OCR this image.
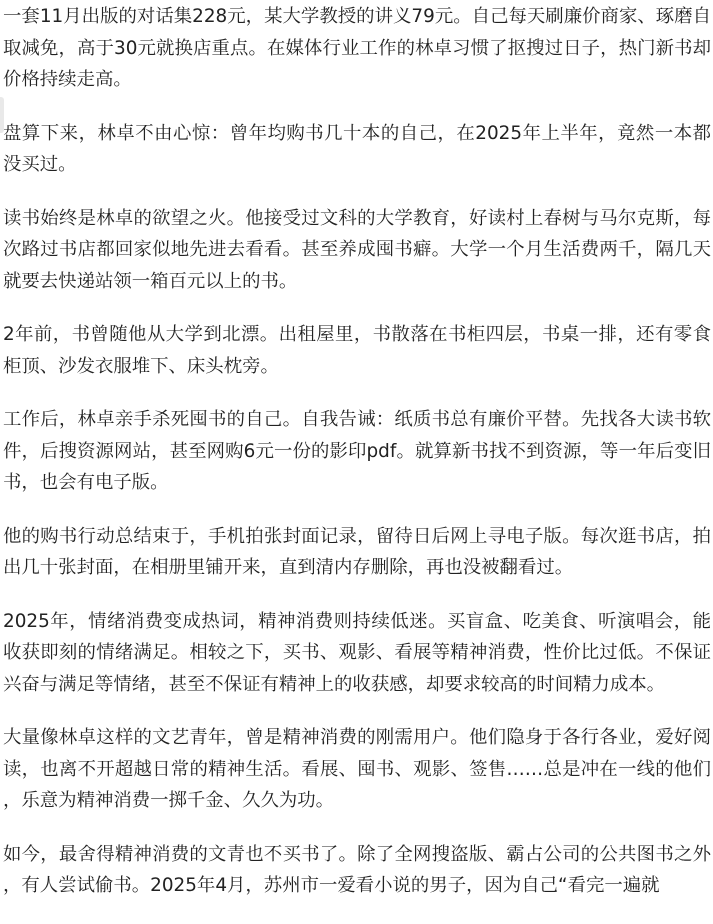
一套11月出版的对话集228元，某大学教授的讲义79元。自己每天刷廉价商家、琢磨自取减免，高于30元就换店重点。在媒体行业工作的林卓习惯了抠搜过日子，热门新书却价格持续走高。

盘算下来，林卓不由心惊：曾年均购书几十本的自己，在2025年上半年，竟然一本都没买过。

读书始终是林卓的欲望之火。他接受过文科的大学教育，好读村上春树与马尔克斯，每次路过书店都回家似地先进去看看。甚至养成囤书癖。大学一个月生活费两千，隔几天就要去快递站领一箱百元以上的书。

2年前，书曾随他从大学到北漂。出租屋里，书散落在书柜四层，书桌一排，还有零食柜顶、沙发衣服堆下、床头枕旁。

工作后，林卓亲手杀死囤书的自己。自我告诫：纸质书总有廉价平替。先找各大读书软件，后搜资源网站，甚至网购6元一份的影印pdf。就算新书找不到资源，等一年后变旧书，也会有电子版。

他的购书行动总结束于，手机拍张封面记录，留待日后网上寻电子版。每次逛书店，拍出几十张封面，在相册里铺开来，直到清内存删除，再也没被翻看过。

2025年，情绪消费变成热词，精神消费则持续低迷。买盲盒、吃美食、听演唱会，能收获即刻的情绪满足。相较之下，买书、观影、看展等精神消费，性价比过低。不保证兴奋与满足等情绪，甚至不保证有精神上的收获感，却要求较高的时间精力成本。

大量像林卓这样的文艺青年，曾是精神消费的刚需用户。他们隐身于各行各业，爱好阅读，也离不开超越日常的精神生活。看展、囤书、观影、签售……总是冲在一线的他们，乐意为精神消费一掷千金、久久为功。

如今，最舍得精神消费的文青也不买书了。除了全网搜盗版、霸占公司的公共图书之外，有人尝试偷书。2025年4月，苏州市一爱看小说的男子，因为自己“看完一遍就
